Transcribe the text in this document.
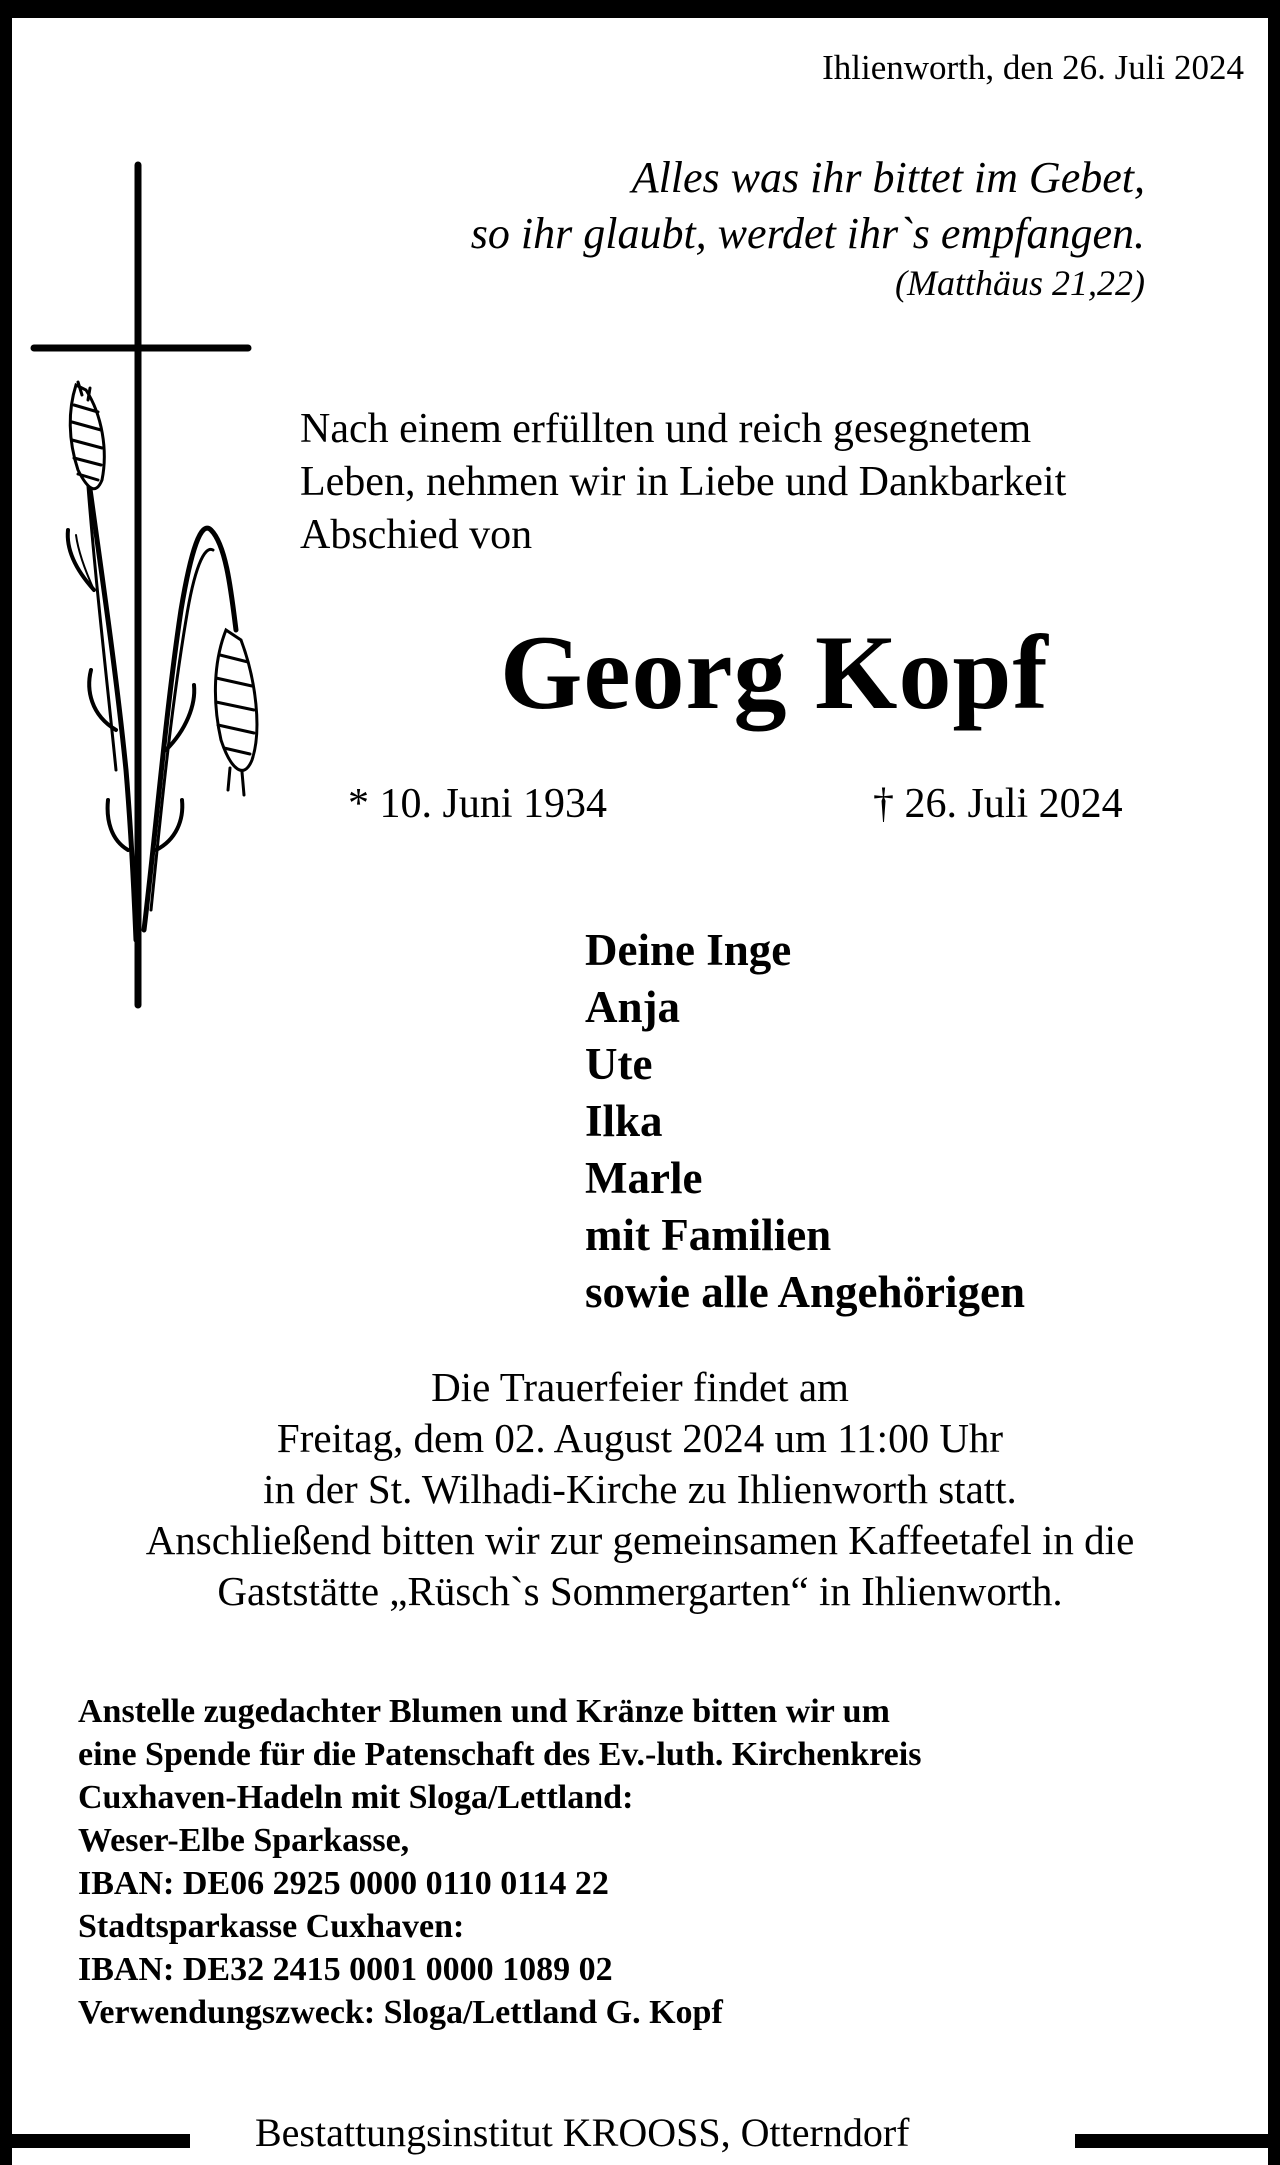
Ihlienworth, den 26. Juli 2024
Alles was ihr bittet im Gebet,
so ihr glaubt, werdet ihr`s empfangen.
(Matthäus 21,22)
Nach einem erfüllten und reich gesegnetem
Leben, nehmen wir in Liebe und Dankbarkeit
Abschied von
Georg Kopf
* 10. Juni 1934	† 26. Juli 2024
Deine Inge
Anja
Ute
Ilka
Marle
mit Familien
sowie alle Angehörigen
Die Trauerfeier findet am
Freitag, dem 02. August 2024 um 11:00 Uhr
in der St. Wilhadi-Kirche zu Ihlienworth statt.
Anschließend bitten wir zur gemeinsamen Kaffeetafel in die
Gaststätte „Rüsch`s Sommergarten“ in Ihlienworth.
Anstelle zugedachter Blumen und Kränze bitten wir um
eine Spende für die Patenschaft des Ev.-luth. Kirchenkreis
Cuxhaven-Hadeln mit Sloga/Lettland:
Weser-Elbe Sparkasse,
IBAN: DE06 2925 0000 0110 0114 22
Stadtsparkasse Cuxhaven:
IBAN: DE32 2415 0001 0000 1089 02
Verwendungszweck: Sloga/Lettland G. Kopf
Bestattungsinstitut KROOSS, Otterndorf
